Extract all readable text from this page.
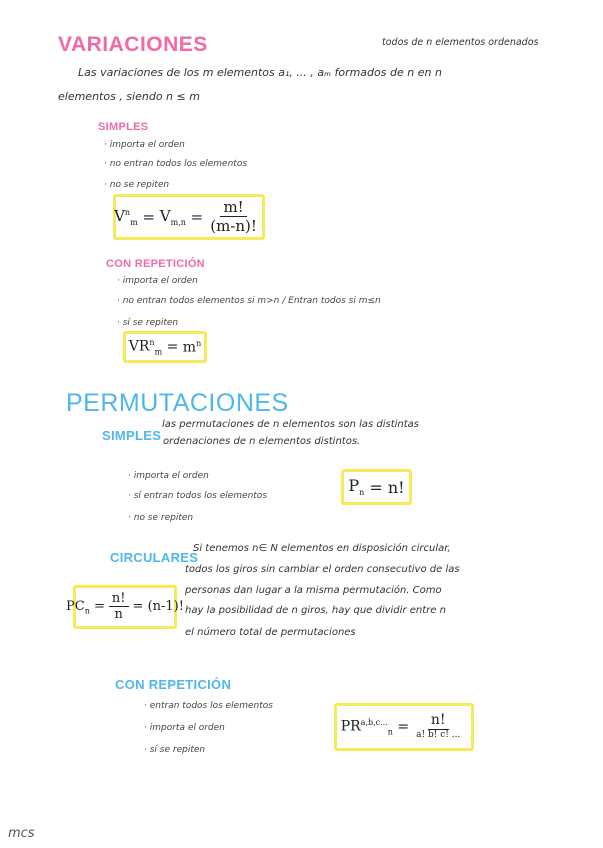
VARIACIONES	todos de n elementos ordenados
Las variaciones de los m elementos a₁, ... , aₘ formados de n en n
elementos , siendo n ≤ m
SIMPLES
· importa el orden
· no entran todos los elementos
· no se repiten
$V^n_m = V_{m,n} = \frac{m!}{(m-n)!}$
CON REPETICIÓN
· importa el orden
· no entran todos elementos si m>n / Entran todos si m≤n
· sí se repiten
$VR^n_m = m^n$
PERMUTACIONES
SIMPLES
las permutaciones de n elementos son las distintas
ordenaciones de n elementos distintos.
· importa el orden
· sí entran todos los elementos
· no se repiten
$P_n = n$!
CIRCULARES
Si tenemos n∈ N elementos en disposición circular,
todos los giros sin cambiar el orden consecutivo de las
personas dan lugar a la misma permutación. Como
hay la posibilidad de n giros, hay que dividir entre n
el número total de permutaciones
$PC_n = \frac{n!}{n} = (n-1)$!
CON REPETICIÓN
· entran todos los elementos
· importa el orden
· sí se repiten
$PR^{a,b,c...}_n = \frac{n!}{a! b! c! ...}$
mcs
